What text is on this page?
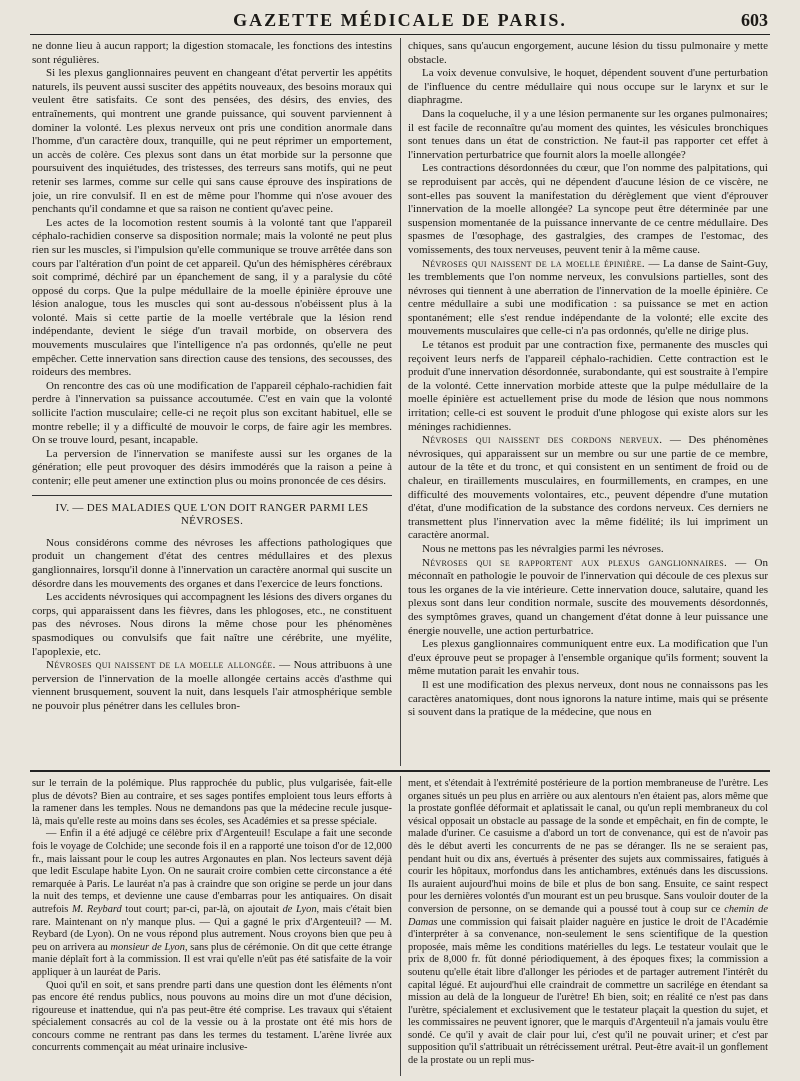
GAZETTE MÉDICALE DE PARIS.	603

ne donne lieu à aucun rapport; la digestion stomacale, les fonctions des intestins sont régulières.

Si les plexus ganglionnaires peuvent en changeant d'état pervertir les appétits naturels, ils peuvent aussi susciter des appétits nouveaux, des besoins moraux qui veulent être satisfaits. Ce sont des pensées, des désirs, des envies, des entraînements, qui montrent une grande puissance, qui souvent parviennent à dominer la volonté. Les plexus nerveux ont pris une condition anormale dans l'homme, d'un caractère doux, tranquille, qui ne peut réprimer un emportement, un accès de colère. Ces plexus sont dans un état morbide sur la personne que poursuivent des inquiétudes, des tristesses, des terreurs sans motifs, qui ne peut retenir ses larmes, comme sur celle qui sans cause éprouve des inspirations de joie, un rire convulsif. Il en est de même pour l'homme qui n'ose avouer des penchants qu'il condamne et que sa raison ne contient qu'avec peine.

Les actes de la locomotion restent soumis à la volonté tant que l'appareil céphalo-rachidien conserve sa disposition normale; mais la volonté ne peut plus rien sur les muscles, si l'impulsion qu'elle communique se trouve arrêtée dans son cours par l'altération d'un point de cet appareil. Qu'un des hémisphères cérébraux soit comprimé, déchiré par un épanchement de sang, il y a paralysie du côté opposé du corps. Que la pulpe médullaire de la moelle épinière éprouve une lésion analogue, tous les muscles qui sont au-dessous n'obéissent plus à la volonté. Mais si cette partie de la moelle vertébrale que la lésion rend indépendante, devient le siége d'un travail morbide, on observera des mouvements musculaires que l'intelligence n'a pas ordonnés, qu'elle ne peut empêcher. Cette innervation sans direction cause des tensions, des secousses, des roideurs des membres.

On rencontre des cas où une modification de l'appareil céphalo-rachidien fait perdre à l'innervation sa puissance accoutumée. C'est en vain que la volonté sollicite l'action musculaire; celle-ci ne reçoit plus son excitant habituel, elle se montre rebelle; il y a difficulté de mouvoir le corps, de faire agir les membres. On se trouve lourd, pesant, incapable.

La perversion de l'innervation se manifeste aussi sur les organes de la génération; elle peut provoquer des désirs immodérés que la raison a peine à contenir; elle peut amener une extinction plus ou moins prononcée de ces désirs.

IV. — DES MALADIES QUE L'ON DOIT RANGER PARMI LES NÉVROSES.

Nous considérons comme des névroses les affections pathologiques que produit un changement d'état des centres médullaires et des plexus ganglionnaires, lorsqu'il donne à l'innervation un caractère anormal qui suscite un désordre dans les mouvements des organes et dans l'exercice de leurs fonctions.

Les accidents névrosiques qui accompagnent les lésions des divers organes du corps, qui apparaissent dans les fièvres, dans les phlogoses, etc., ne constituent pas des névroses. Nous dirons la même chose pour les phénomènes spasmodiques ou convulsifs que fait naître une cérébrite, une myélite, l'apoplexie, etc.

Névroses qui naissent de la moelle allongée. — Nous attribuons à une perversion de l'innervation de la moelle allongée certains accès d'asthme qui viennent brusquement, souvent la nuit, dans lesquels l'air atmosphérique semble ne pouvoir plus pénétrer dans les cellules bron-

chiques, sans qu'aucun engorgement, aucune lésion du tissu pulmonaire y mette obstacle.

La voix devenue convulsive, le hoquet, dépendent souvent d'une perturbation de l'influence du centre médullaire qui nous occupe sur le larynx et sur le diaphragme.

Dans la coqueluche, il y a une lésion permanente sur les organes pulmonaires; il est facile de reconnaître qu'au moment des quintes, les vésicules bronchiques sont tenues dans un état de constriction. Ne faut-il pas rapporter cet effet à l'innervation perturbatrice que fournit alors la moelle allongée?

Les contractions désordonnées du cœur, que l'on nomme des palpitations, qui se reproduisent par accès, qui ne dépendent d'aucune lésion de ce viscère, ne sont-elles pas souvent la manifestation du dérèglement que vient d'éprouver l'innervation de la moelle allongée? La syncope peut être déterminée par une suspension momentanée de la puissance innervante de ce centre médullaire. Des spasmes de l'œsophage, des gastralgies, des crampes de l'estomac, des vomissements, des toux nerveuses, peuvent tenir à la même cause.

Névroses qui naissent de la moelle épinière. — La danse de Saint-Guy, les tremblements que l'on nomme nerveux, les convulsions partielles, sont des névroses qui tiennent à une aberration de l'innervation de la moelle épinière. Ce centre médullaire a subi une modification : sa puissance se met en action spontanément; elle s'est rendue indépendante de la volonté; elle excite des mouvements musculaires que celle-ci n'a pas ordonnés, qu'elle ne dirige plus.

Le tétanos est produit par une contraction fixe, permanente des muscles qui reçoivent leurs nerfs de l'appareil céphalo-rachidien. Cette contraction est le produit d'une innervation désordonnée, surabondante, qui est soustraite à l'empire de la volonté. Cette innervation morbide atteste que la pulpe médullaire de la moelle épinière est actuellement prise du mode de lésion que nous nommons irritation; celle-ci est souvent le produit d'une phlogose qui existe alors sur les méninges rachidiennes.

Névroses qui naissent des cordons nerveux. — Des phénomènes névrosiques, qui apparaissent sur un membre ou sur une partie de ce membre, autour de la tête et du tronc, et qui consistent en un sentiment de froid ou de chaleur, en tiraillements musculaires, en fourmillements, en crampes, en une difficulté des mouvements volontaires, etc., peuvent dépendre d'une mutation d'état, d'une modification de la substance des cordons nerveux. Ces derniers ne transmettent plus l'innervation avec la même fidélité; ils lui impriment un caractère anormal.

Nous ne mettons pas les névralgies parmi les névroses.

Névroses qui se rapportent aux plexus ganglionnaires. — On méconnaît en pathologie le pouvoir de l'innervation qui découle de ces plexus sur tous les organes de la vie intérieure. Cette innervation douce, salutaire, quand les plexus sont dans leur condition normale, suscite des mouvements désordonnés, des symptômes graves, quand un changement d'état donne à leur puissance une énergie nouvelle, une action perturbatrice.

Les plexus ganglionnaires communiquent entre eux. La modification que l'un d'eux éprouve peut se propager à l'ensemble organique qu'ils forment; souvent la même mutation parait les envahir tous.

Il est une modification des plexus nerveux, dont nous ne connaissons pas les caractères anatomiques, dont nous ignorons la nature intime, mais qui se présente si souvent dans la pratique de la médecine, que nous en

sur le terrain de la polémique. Plus rapprochée du public, plus vulgarisée, fait-elle plus de dévots? Bien au contraire, et ses sages pontifes emploient tous leurs efforts à la ramener dans les temples. Nous ne demandons pas que la médecine recule jusque-là, mais qu'elle reste au moins dans ses écoles, ses Académies et sa presse spéciale.

— Enfin il a été adjugé ce célèbre prix d'Argenteuil! Esculape a fait une seconde fois le voyage de Colchide; une seconde fois il en a rapporté une toison d'or de 12,000 fr., mais laissant pour le coup les autres Argonautes en plan. Nos lecteurs savent déjà que ledit Esculape habite Lyon. On ne saurait croire combien cette circonstance a été remarquée à Paris. Le lauréat n'a pas à craindre que son origine se perde un jour dans la nuit des temps, et devienne une cause d'embarras pour les antiquaires. On disait autrefois M. Reybard tout court; par-ci, par-là, on ajoutait de Lyon, mais c'était bien rare. Maintenant on n'y manque plus. — Qui a gagné le prix d'Argenteuil? — M. Reybard (de Lyon). On ne vous répond plus autrement. Nous croyons bien que peu à peu on arrivera au monsieur de Lyon, sans plus de cérémonie. On dit que cette étrange manie déplaît fort à la commission. Il est vrai qu'elle n'eût pas été satisfaite de la voir appliquer à un lauréat de Paris.

Quoi qu'il en soit, et sans prendre parti dans une question dont les éléments n'ont pas encore été rendus publics, nous pouvons au moins dire un mot d'une décision, rigoureuse et inattendue, qui n'a pas peut-être été comprise. Les travaux qui s'étaient spécialement consacrés au col de la vessie ou à la prostate ont été mis hors de concours comme ne rentrant pas dans les termes du testament. L'arène livrée aux concurrents commençait au méat urinaire inclusive-

ment, et s'étendait à l'extrémité postérieure de la portion membraneuse de l'urètre. Les organes situés un peu plus en arrière ou aux alentours n'en étaient pas, alors même que la prostate gonflée déformait et aplatissait le canal, ou qu'un repli membraneux du col vésical opposait un obstacle au passage de la sonde et empêchait, en fin de compte, le malade d'uriner. Ce casuisme a d'abord un tort de convenance, qui est de n'avoir pas dès le début averti les concurrents de ne pas se déranger. Ils ne se seraient pas, pendant huit ou dix ans, évertués à présenter des sujets aux commissaires, fatigués à courir les hôpitaux, morfondus dans les antichambres, exténués dans les discussions. Ils auraient aujourd'hui moins de bile et plus de bon sang. Ensuite, ce saint respect pour les dernières volontés d'un mourant est un peu brusque. Sans vouloir douter de la conversion de personne, on se demande qui a poussé tout à coup sur ce chemin de Damas une commission qui faisait plaider naguère en justice le droit de l'Académie d'interpréter à sa convenance, non-seulement le sens scientifique de la question proposée, mais même les conditions matérielles du legs. Le testateur voulait que le prix de 8,000 fr. fût donné périodiquement, à des époques fixes; la commission a soutenu qu'elle était libre d'allonger les périodes et de partager autrement l'intérêt du capital légué. Et aujourd'hui elle craindrait de commettre un sacrilége en étendant sa mission au delà de la longueur de l'urètre! Eh bien, soit; en réalité ce n'est pas dans l'urètre, spécialement et exclusivement que le testateur plaçait la question du sujet, et les commissaires ne peuvent ignorer, que le marquis d'Argenteuil n'a jamais voulu être sondé. Ce qu'il y avait de clair pour lui, c'est qu'il ne pouvait uriner; et c'est par supposition qu'il s'attribuait un rétrécissement urétral. Peut-être avait-il un gonflement de la prostate ou un repli mus-
